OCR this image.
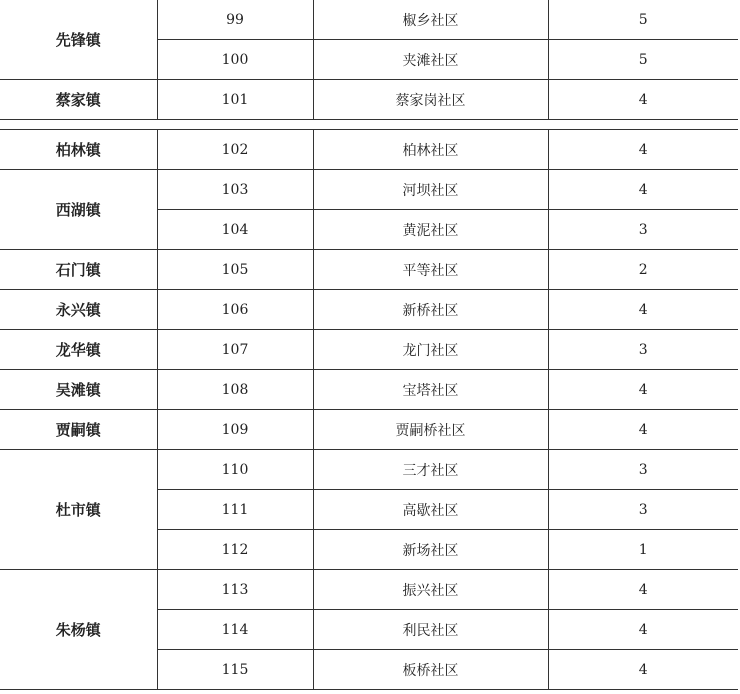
先锋镇	99	椒乡社区	5
	100	夹滩社区	5
蔡家镇	101	蔡家岗社区	4
柏林镇	102	柏林社区	4
西湖镇	103	河坝社区	4
	104	黄泥社区	3
石门镇	105	平等社区	2
永兴镇	106	新桥社区	4
龙华镇	107	龙门社区	3
吴滩镇	108	宝塔社区	4
贾嗣镇	109	贾嗣桥社区	4
杜市镇	110	三才社区	3
	111	高歇社区	3
	112	新场社区	1
朱杨镇	113	振兴社区	4
	114	利民社区	4
	115	板桥社区	4
